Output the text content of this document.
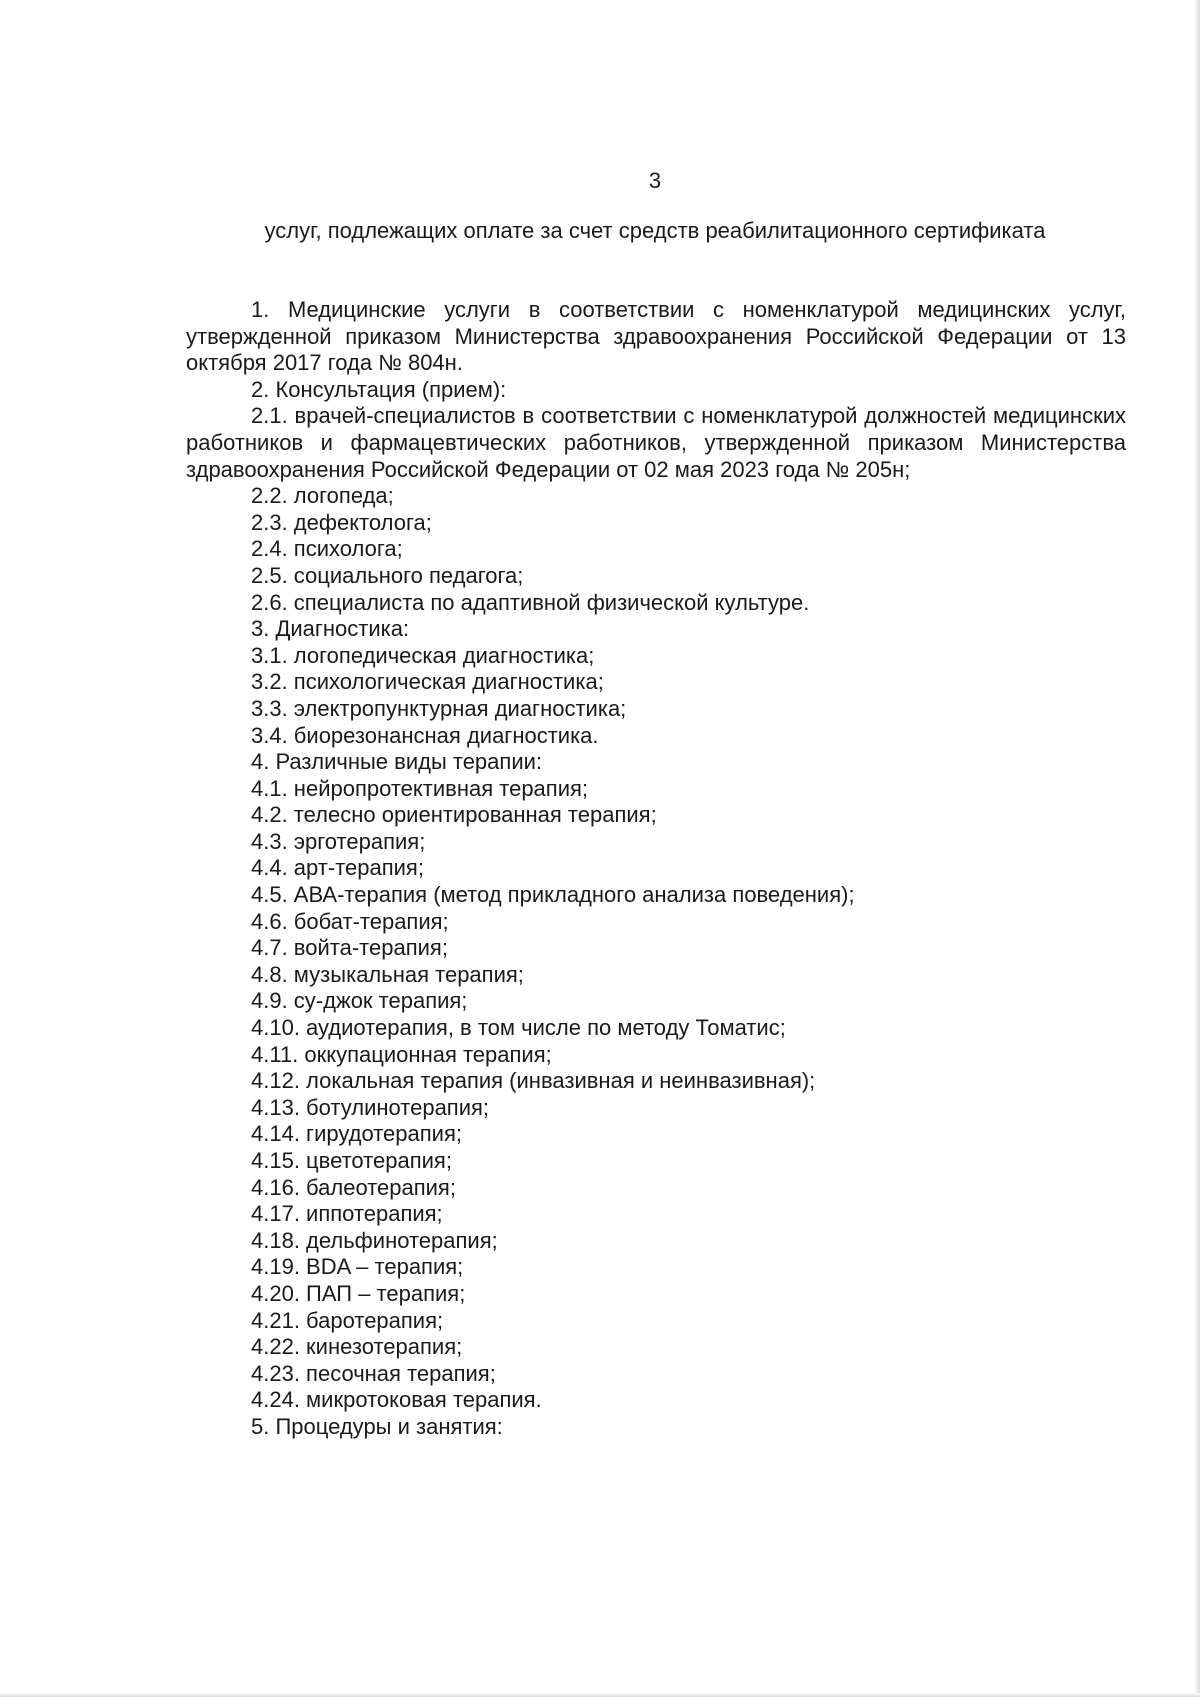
3
услуг, подлежащих оплате за счет средств реабилитационного сертификата

1. Медицинские услуги в соответствии с номенклатурой медицинских услуг, утвержденной приказом Министерства здравоохранения Российской Федерации от 13 октября 2017 года № 804н.

2. Консультация (прием):

2.1. врачей-специалистов в соответствии с номенклатурой должностей медицинских работников и фармацевтических работников, утвержденной приказом Министерства здравоохранения Российской Федерации от 02 мая 2023 года № 205н;

2.2. логопеда;

2.3. дефектолога;

2.4. психолога;

2.5. социального педагога;

2.6. специалиста по адаптивной физической культуре.

3. Диагностика:

3.1. логопедическая диагностика;

3.2. психологическая диагностика;

3.3. электропунктурная диагностика;

3.4. биорезонансная диагностика.

4. Различные виды терапии:

4.1. нейропротективная терапия;

4.2. телесно ориентированная терапия;

4.3. эрготерапия;

4.4. арт-терапия;

4.5. АВА-терапия (метод прикладного анализа поведения);

4.6. бобат-терапия;

4.7. войта-терапия;

4.8. музыкальная терапия;

4.9. су-джок терапия;

4.10. аудиотерапия, в том числе по методу Томатис;

4.11. оккупационная терапия;

4.12. локальная терапия (инвазивная и неинвазивная);

4.13. ботулинотерапия;

4.14. гирудотерапия;

4.15. цветотерапия;

4.16. балеотерапия;

4.17. иппотерапия;

4.18. дельфинотерапия;

4.19. BDA – терапия;

4.20. ПАП – терапия;

4.21. баротерапия;

4.22. кинезотерапия;

4.23. песочная терапия;

4.24. микротоковая терапия.

5. Процедуры и занятия:
